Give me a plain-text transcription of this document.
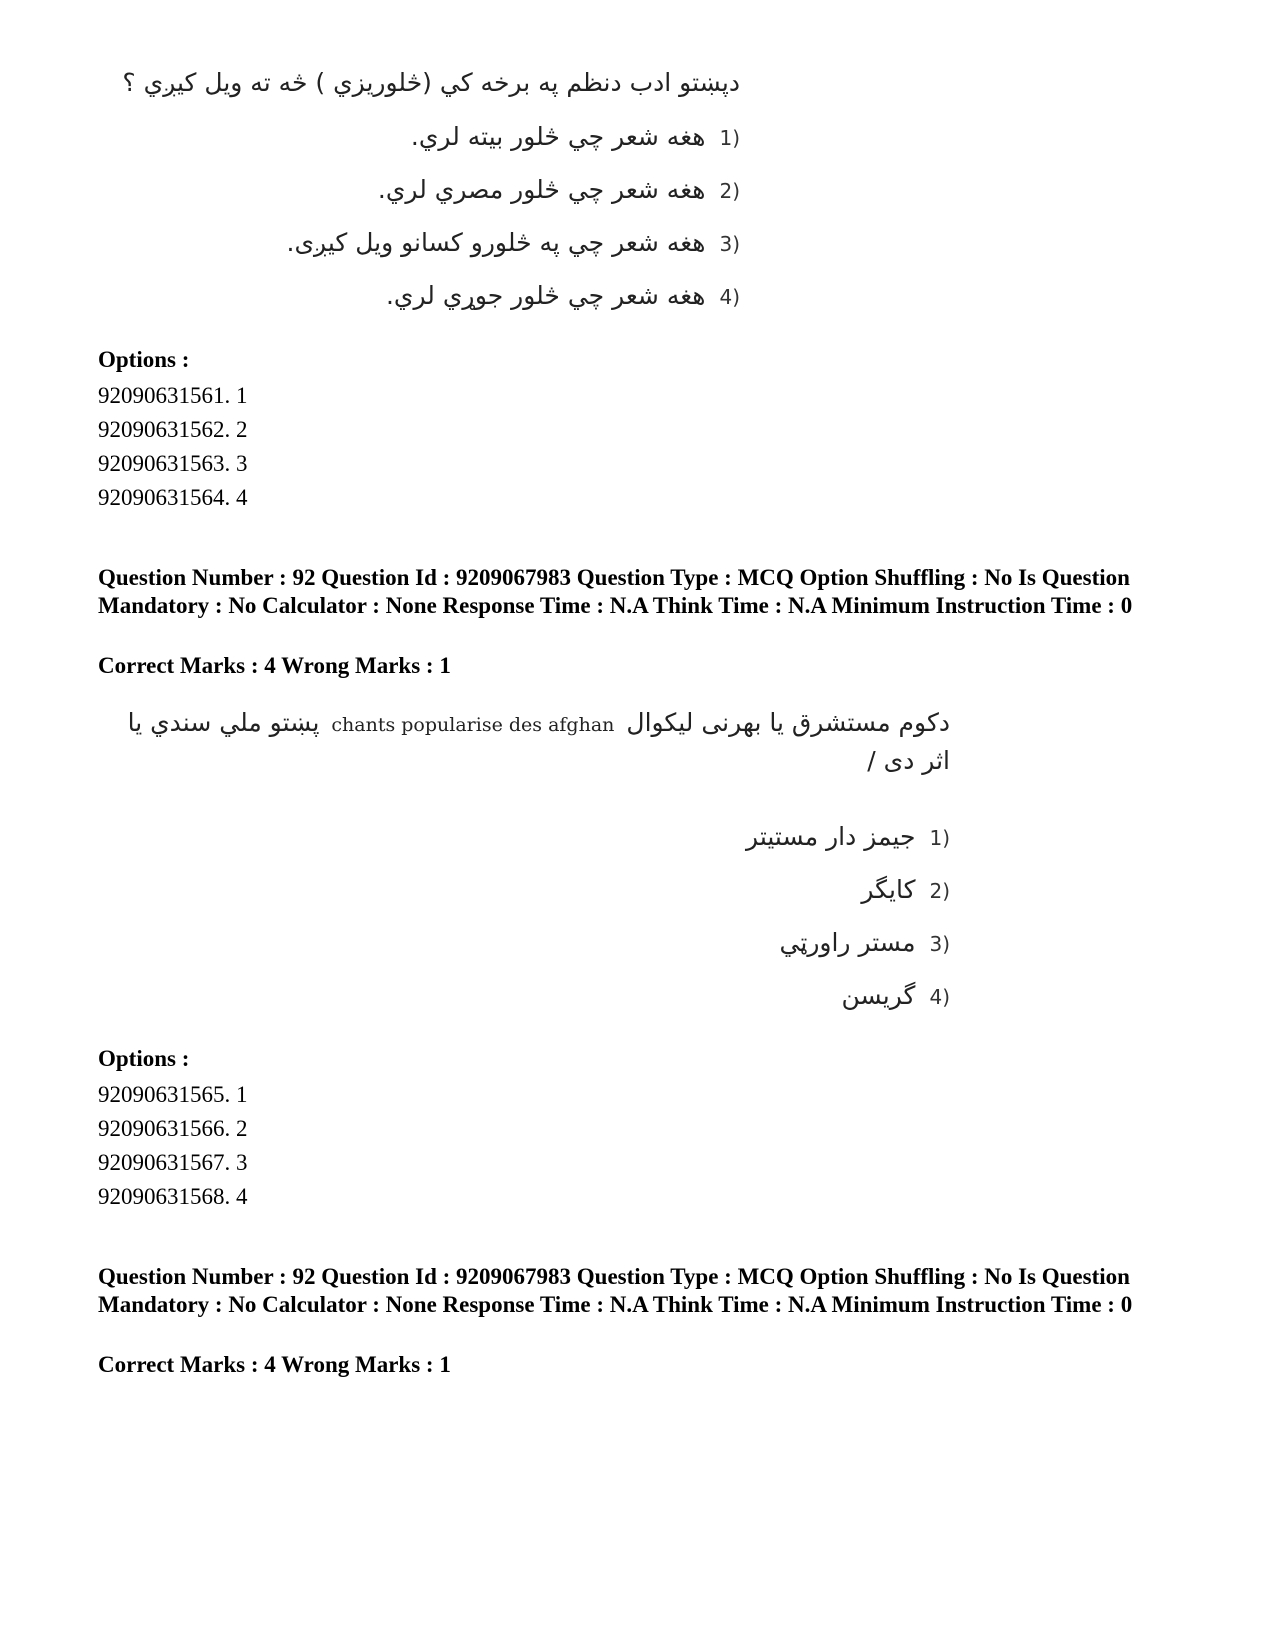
دپښتو ادب دنظم په برخه کي (څلوريزي ) څه ته ويل کيږي ؟
1)
هغه شعر چي څلور بيته لري.
2)
هغه شعر چي څلور مصري لري.
3)
هغه شعر چي په څلورو کسانو ويل کيږی.
4)
هغه شعر چي څلور جوړي لري.
Options :
92090631561. 1
92090631562. 2
92090631563. 3
92090631564. 4
Question Number : 92 Question Id : 9209067983 Question Type : MCQ Option Shuffling : No Is Question Mandatory : No Calculator : None Response Time : N.A Think Time : N.A Minimum Instruction Time : 0
Correct Marks : 4 Wrong Marks : 1
پښتو ملي سندي يا chants popularise des afghan دکوم مستشرق يا بهرنی ليکوال
اثر دی /
1)
جيمز دار مستيتر
2)
کايگر
3)
مستر راورټي
4)
گريسن
Options :
92090631565. 1
92090631566. 2
92090631567. 3
92090631568. 4
Question Number : 92 Question Id : 9209067983 Question Type : MCQ Option Shuffling : No Is Question Mandatory : No Calculator : None Response Time : N.A Think Time : N.A Minimum Instruction Time : 0
Correct Marks : 4 Wrong Marks : 1
